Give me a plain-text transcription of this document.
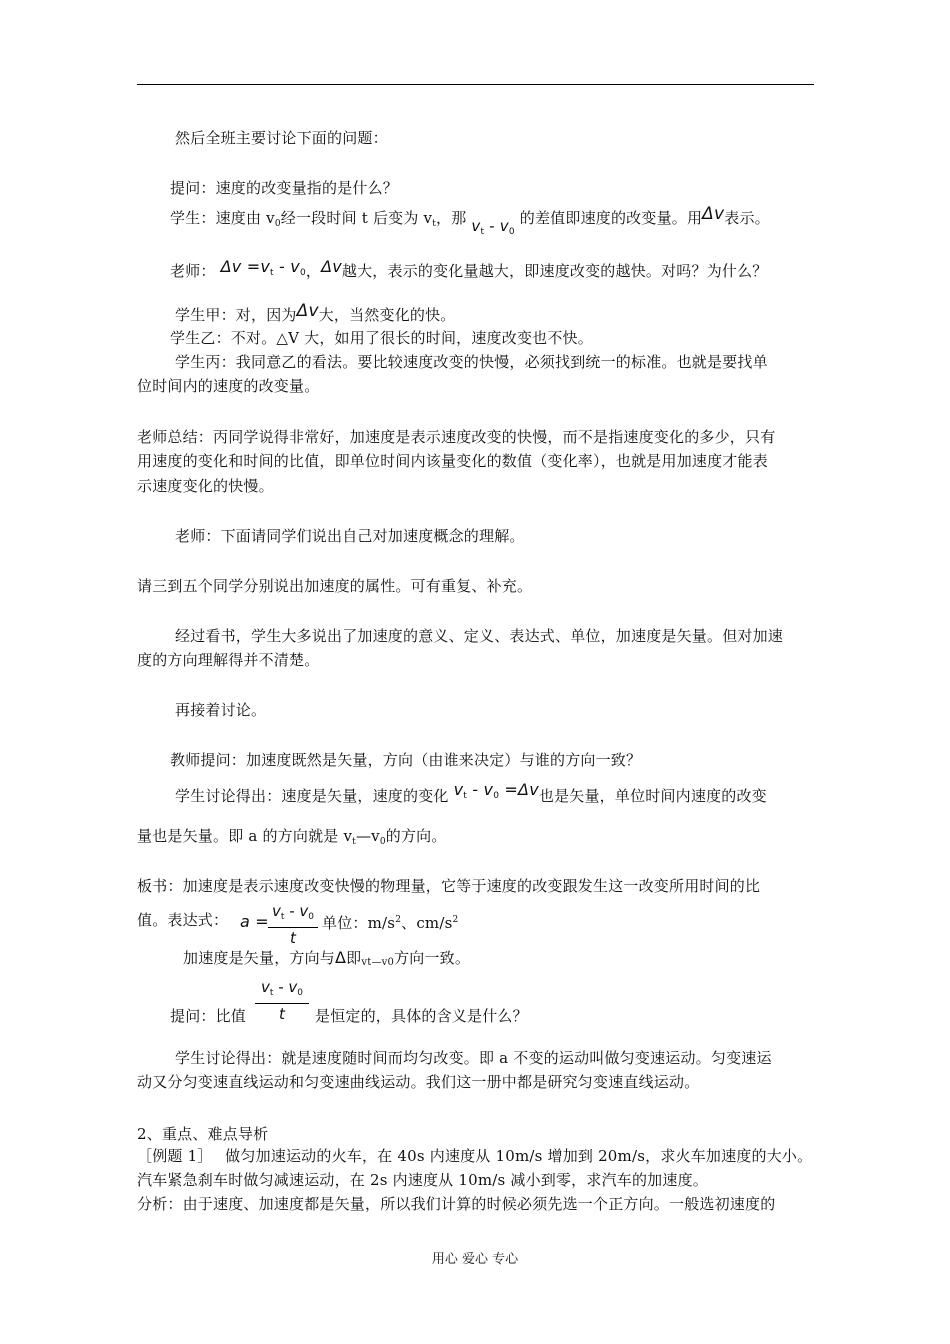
然后全班主要讨论下面的问题：
提问：速度的改变量指的是什么？
学生：速度由 $v_0$经一段时间 t 后变为 $v_t$，那 $v_t - v_0$ 的差值即速度的改变量。用Δv表示。
老师： $\Delta v =v_t - v_0$，Δv越大，表示的变化量越大，即速度改变的越快。对吗？为什么？
学生甲：对，因为Δv大，当然变化的快。
学生乙：不对。△V 大，如用了很长的时间，速度改变也不快。
学生丙：我同意乙的看法。要比较速度改变的快慢，必须找到统一的标准。也就是要找单
位时间内的速度的改变量。
老师总结：丙同学说得非常好，加速度是表示速度改变的快慢，而不是指速度变化的多少，只有
用速度的变化和时间的比值，即单位时间内该量变化的数值（变化率），也就是用加速度才能表
示速度变化的快慢。
老师：下面请同学们说出自己对加速度概念的理解。
请三到五个同学分别说出加速度的属性。可有重复、补充。
经过看书，学生大多说出了加速度的意义、定义、表达式、单位，加速度是矢量。但对加速
度的方向理解得并不清楚。
再接着讨论。
教师提问：加速度既然是矢量，方向（由谁来决定）与谁的方向一致？
学生讨论得出：速度是矢量，速度的变化 $v_t - v_0 =\Delta v$也是矢量，单位时间内速度的改变
量也是矢量。即 a 的方向就是 $v_t—v_0$的方向。
板书：加速度是表示速度改变快慢的物理量，它等于速度的改变跟发生这一改变所用时间的比
值。表达式： a =
$v_t - v_0$
t
单位：$m/s^2$、$cm/s^2$
加速度是矢量，方向与Δ即vt—v0方向一致。
提问：比值
$v_t - v_0$
t	是恒定的，具体的含义是什么？
学生讨论得出：就是速度随时间而均匀改变。即 a 不变的运动叫做匀变速运动。匀变速运
动又分匀变速直线运动和匀变速曲线运动。我们这一册中都是研究匀变速直线运动。
2、重点、难点导析
［例题 1］　 做匀加速运动的火车，在 40s 内速度从 10m/s 增加到 20m/s，求火车加速度的大小。
汽车紧急刹车时做匀减速运动，在 2s 内速度从 10m/s 减小到零，求汽车的加速度。
分析：由于速度、加速度都是矢量，所以我们计算的时候必须先选一个正方向。一般选初速度的
用心 爱心 专心
